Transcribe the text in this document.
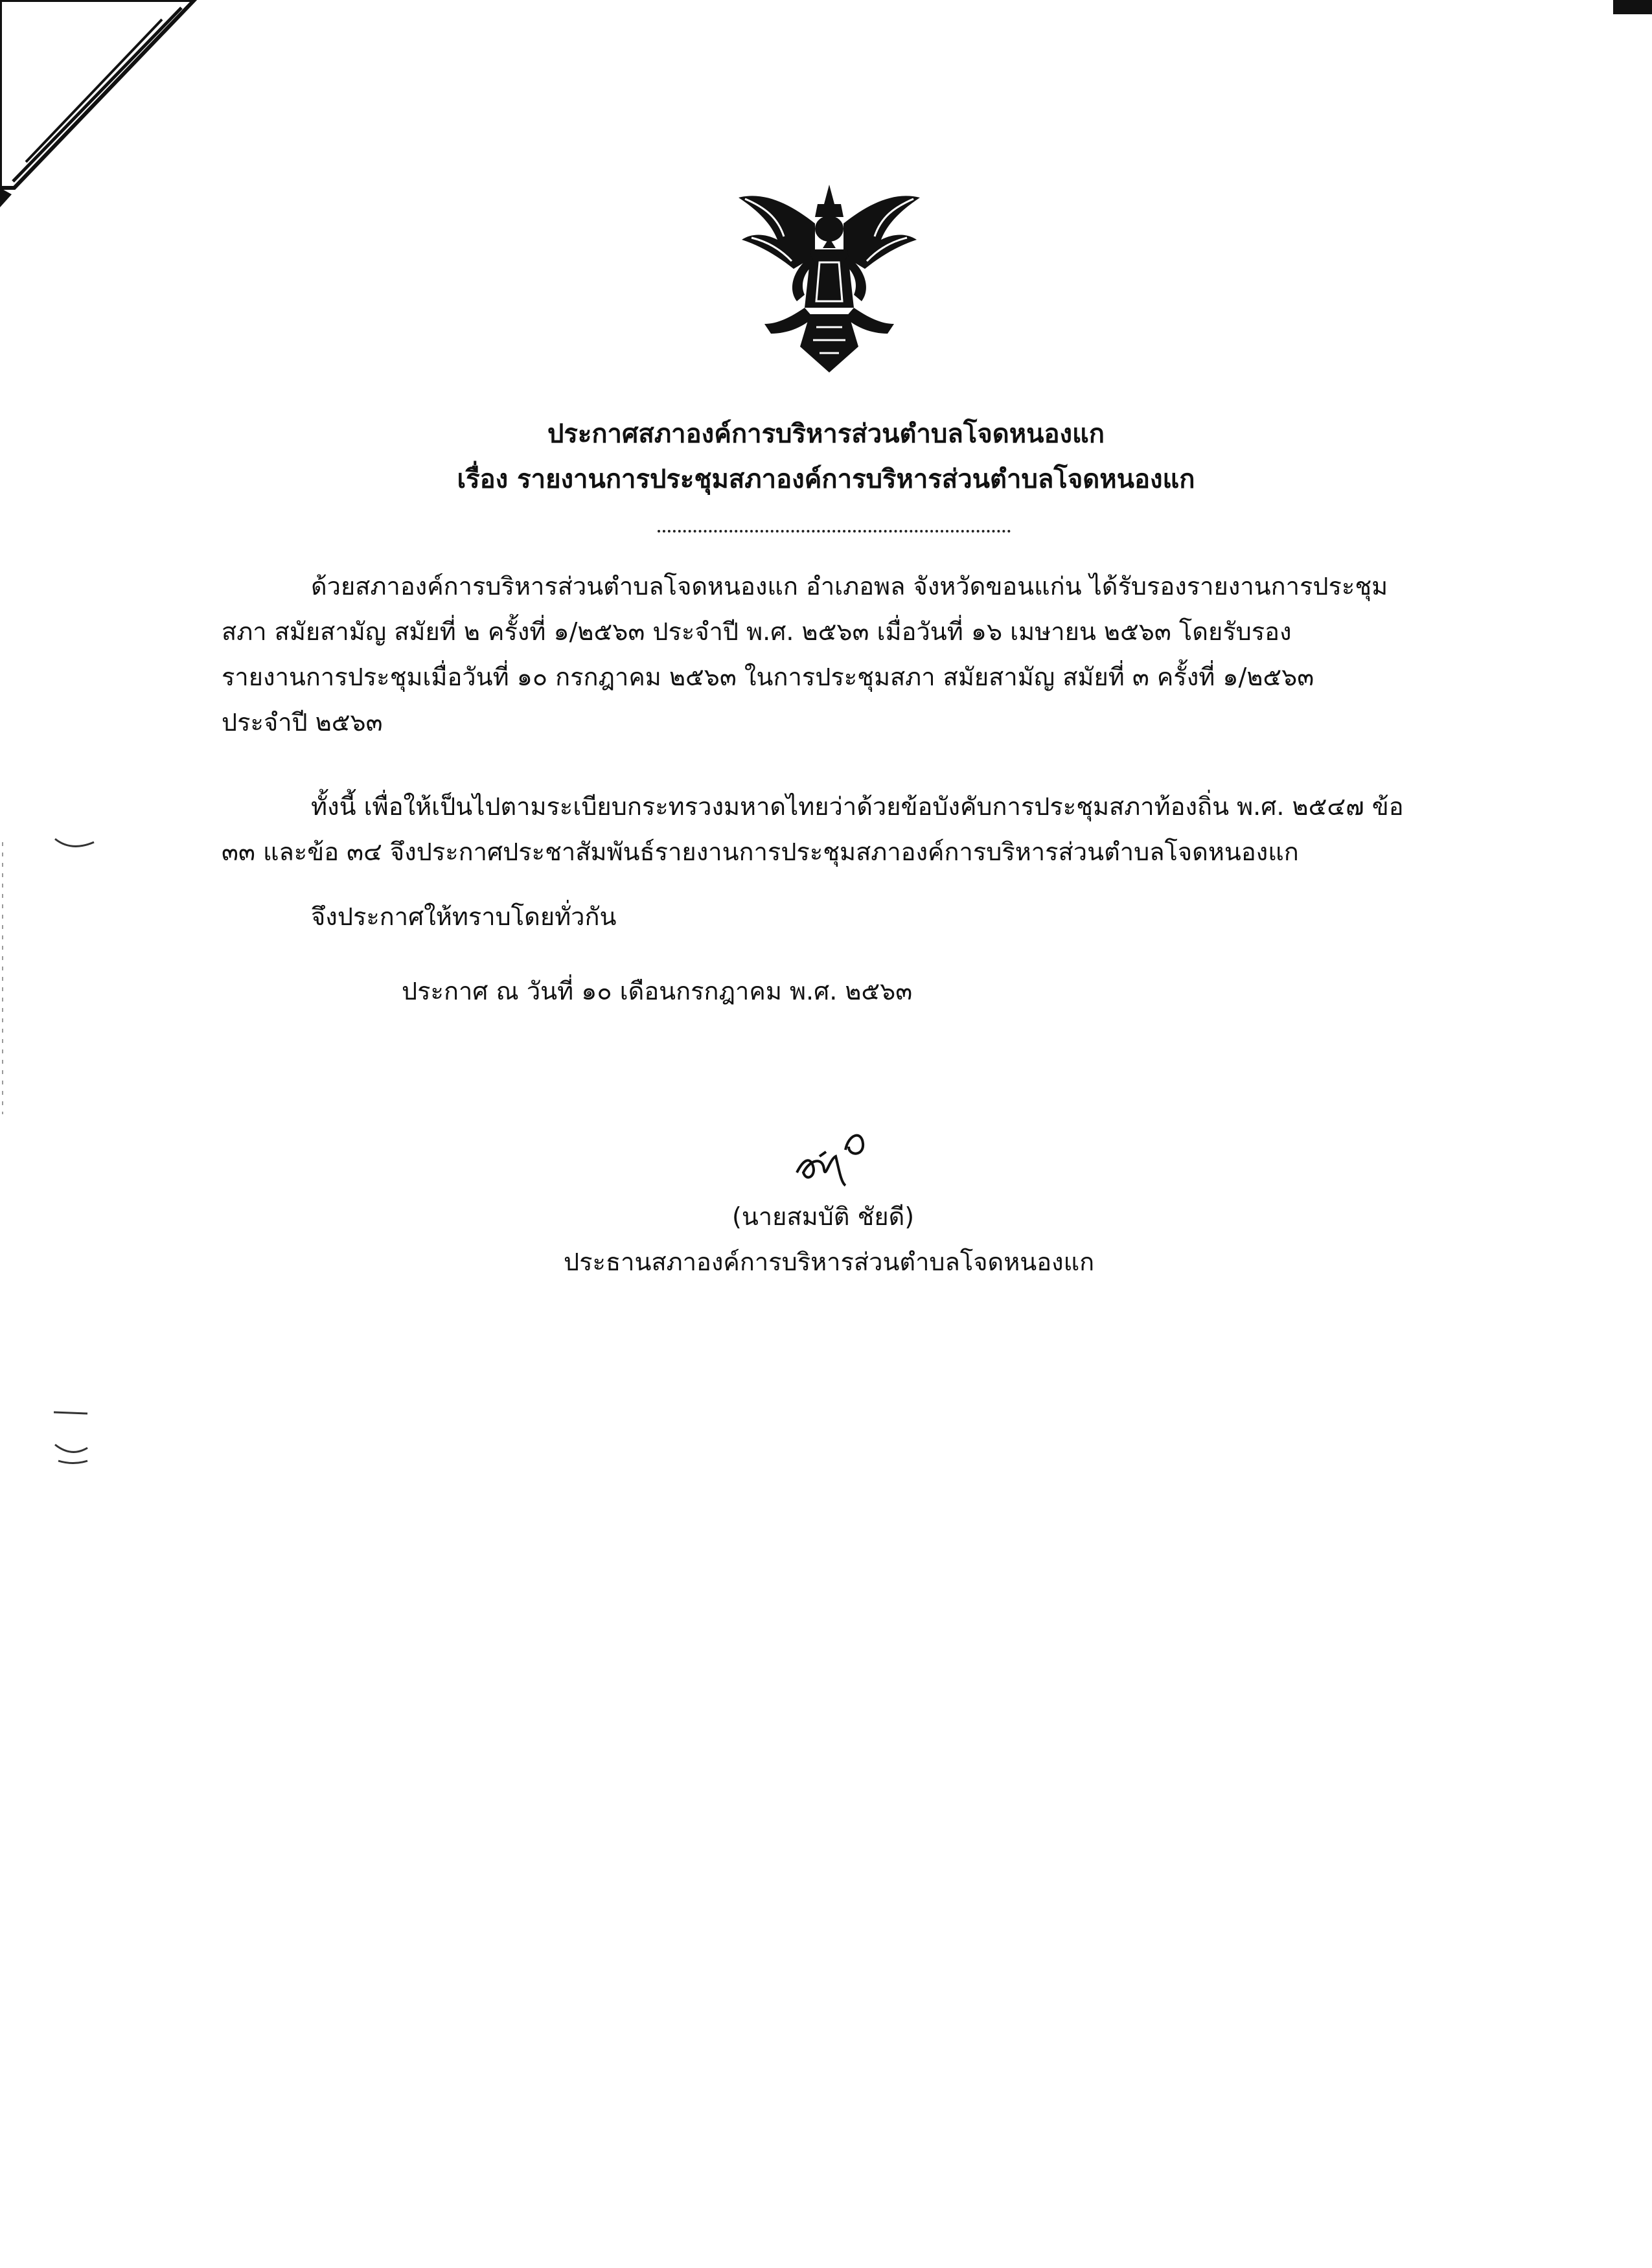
ประกาศสภาองค์การบริหารส่วนตำบลโจดหนองแก
เรื่อง รายงานการประชุมสภาองค์การบริหารส่วนตำบลโจดหนองแก
ด้วยสภาองค์การบริหารส่วนตำบลโจดหนองแก อำเภอพล จังหวัดขอนแก่น ได้รับรองรายงานการประชุม
สภา สมัยสามัญ สมัยที่ ๒ ครั้งที่ ๑/๒๕๖๓ ประจำปี พ.ศ. ๒๕๖๓ เมื่อวันที่ ๑๖ เมษายน ๒๕๖๓ โดยรับรอง
รายงานการประชุมเมื่อวันที่ ๑๐ กรกฎาคม ๒๕๖๓ ในการประชุมสภา สมัยสามัญ สมัยที่ ๓ ครั้งที่ ๑/๒๕๖๓
ประจำปี ๒๕๖๓
ทั้งนี้ เพื่อให้เป็นไปตามระเบียบกระทรวงมหาดไทยว่าด้วยข้อบังคับการประชุมสภาท้องถิ่น พ.ศ. ๒๕๔๗ ข้อ
๓๓ และข้อ ๓๔ จึงประกาศประชาสัมพันธ์รายงานการประชุมสภาองค์การบริหารส่วนตำบลโจดหนองแก
จึงประกาศให้ทราบโดยทั่วกัน
ประกาศ ณ วันที่ ๑๐ เดือนกรกฎาคม พ.ศ. ๒๕๖๓
(นายสมบัติ ชัยดี)
ประธานสภาองค์การบริหารส่วนตำบลโจดหนองแก
